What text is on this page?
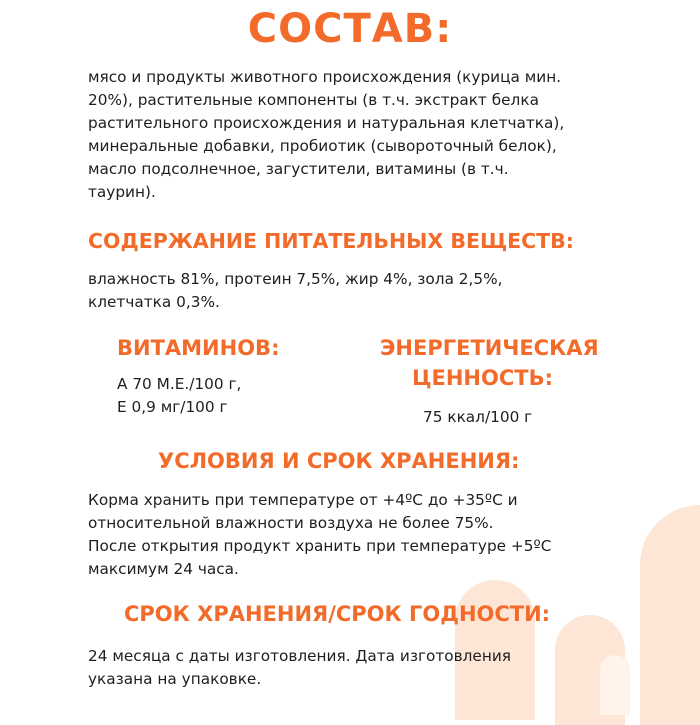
СОСТАВ:

мясо и продукты животного происхождения (курица мин.
20%), растительные компоненты (в т.ч. экстракт белка
растительного происхождения и натуральная клетчатка),
минеральные добавки, пробиотик (сывороточный белок),
масло подсолнечное, загустители, витамины (в т.ч.
таурин).

СОДЕРЖАНИЕ ПИТАТЕЛЬНЫХ ВЕЩЕСТВ:

влажность 81%, протеин 7,5%, жир 4%, зола 2,5%,
клетчатка 0,3%.

ВИТАМИНОВ:

А 70 М.Е./100 г,
Е 0,9 мг/100 г

ЭНЕРГЕТИЧЕСКАЯ
ЦЕННОСТЬ:

75 ккал/100 г

УСЛОВИЯ И СРОК ХРАНЕНИЯ:

Корма хранить при температуре от +4ºС до +35ºС и
относительной влажности воздуха не более 75%.
После открытия продукт хранить при температуре +5ºС
максимум 24 часа.

СРОК ХРАНЕНИЯ/СРОК ГОДНОСТИ:

24 месяца с даты изготовления. Дата изготовления
указана на упаковке.
